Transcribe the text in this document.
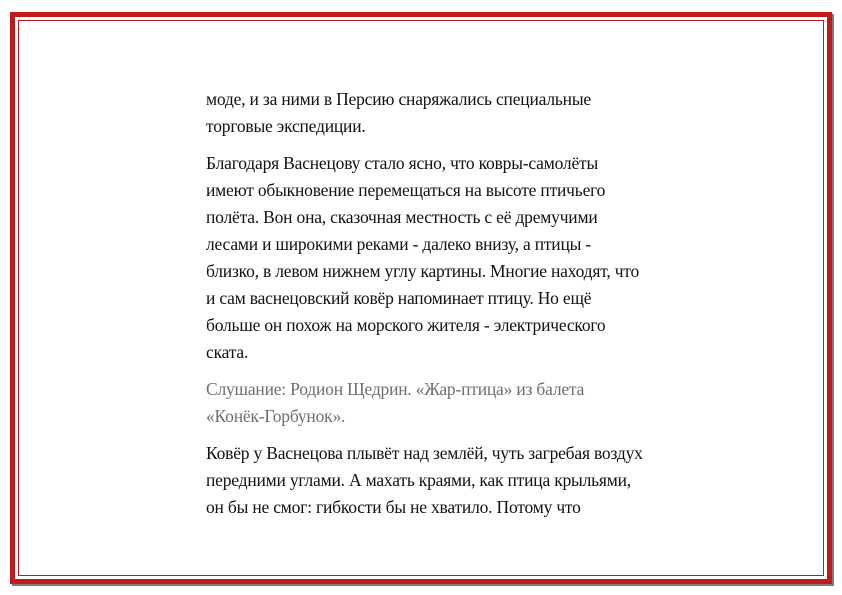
моде, и за ними в Персию снаряжались специальные
торговые экспедиции.

Благодаря Васнецову стало ясно, что ковры-самолёты
имеют обыкновение перемещаться на высоте птичьего
полёта. Вон она, сказочная местность с её дремучими
лесами и широкими реками - далеко внизу, а птицы -
близко, в левом нижнем углу картины. Многие находят, что
и сам васнецовский ковёр напоминает птицу. Но ещё
больше он похож на морского жителя - электрического
ската.

Слушание: Родион Щедрин. «Жар-птица» из балета
«Конёк-Горбунок».

Ковёр у Васнецова плывёт над землёй, чуть загребая воздух
передними углами. А махать краями, как птица крыльями,
он бы не смог: гибкости бы не хватило. Потому что
